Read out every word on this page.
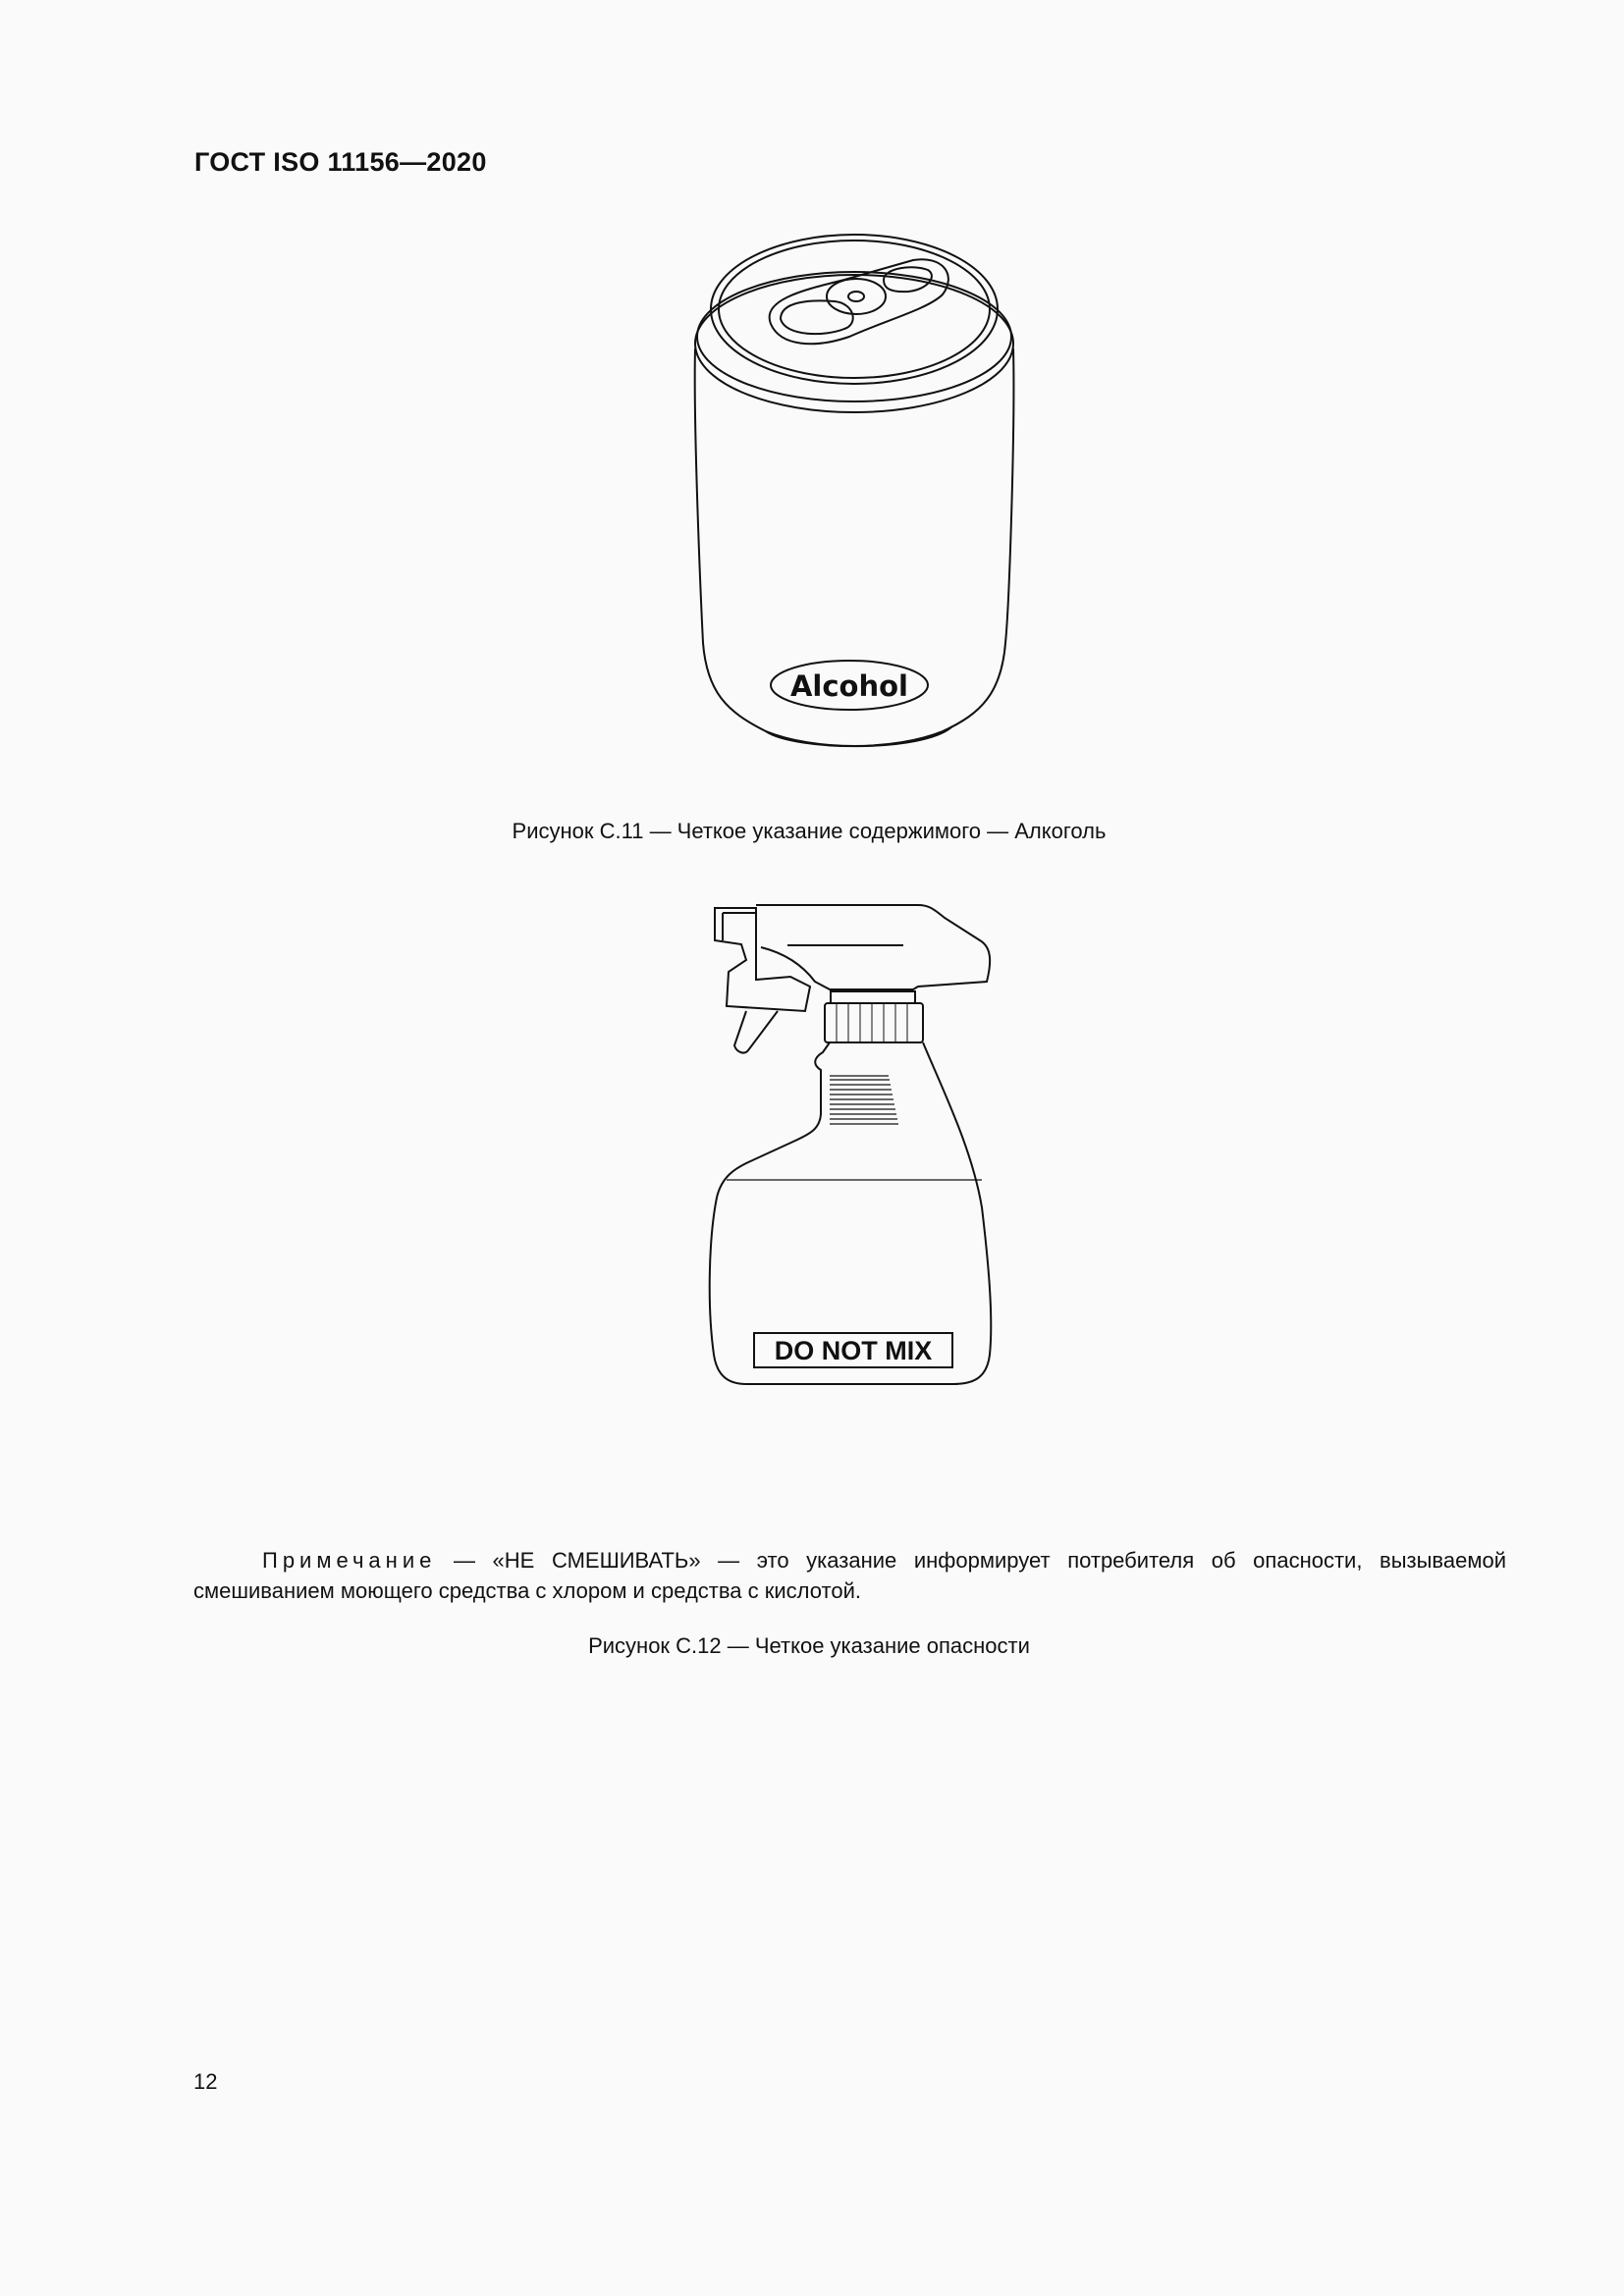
ГОСТ ISO 11156—2020
Alcohol
Рисунок С.11 — Четкое указание содержимого — Алкоголь
DO NOT MIX
Примечание — «НЕ СМЕШИВАТЬ» — это указание информирует потребителя об опасности, вызываемой смешиванием моющего средства с хлором и средства с кислотой.
Рисунок С.12 — Четкое указание опасности
12
